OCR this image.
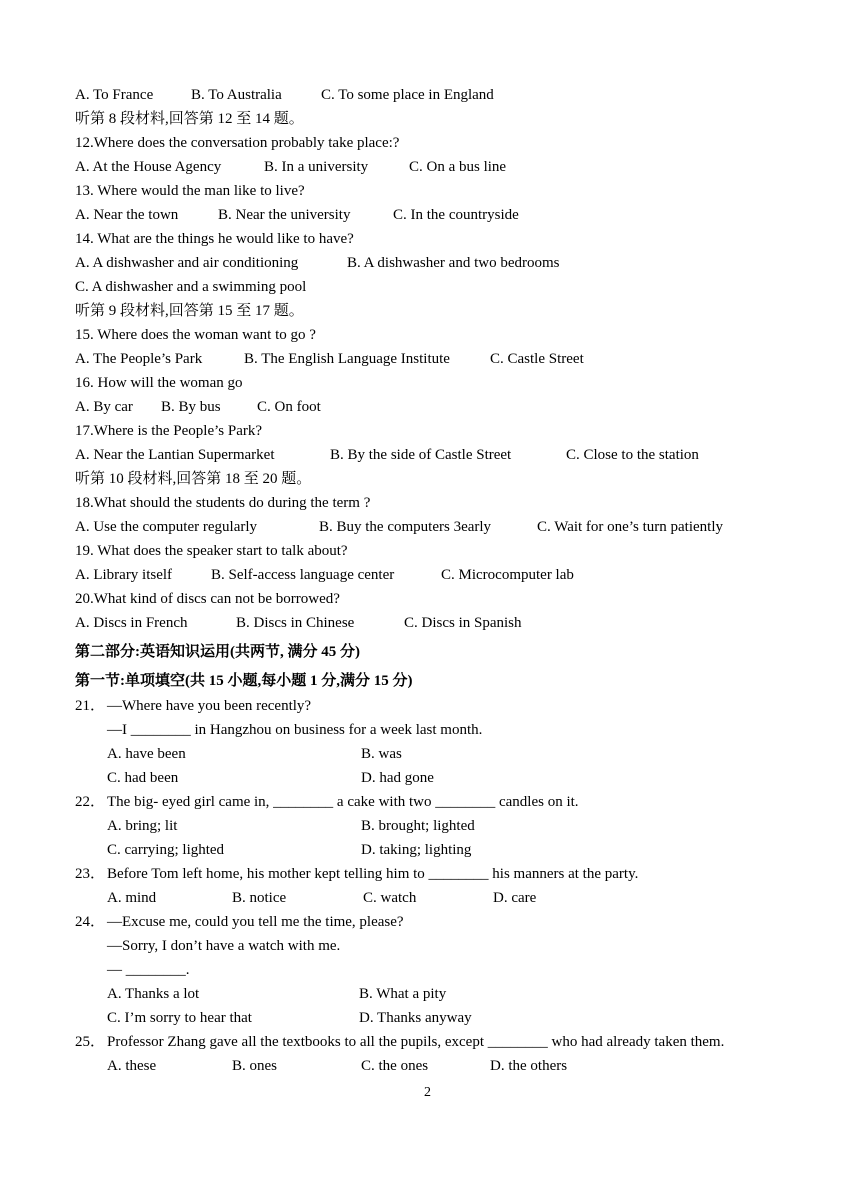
A. To France	B. To Australia	C. To some place in England
听第 8 段材料,回答第 12 至 14 题。
12.Where does the conversation probably take place:?
A. At the House Agency	B. In a university	C. On a bus line
13. Where would the man like to live?
A. Near the town	B. Near the university	C. In the countryside
14. What are the things he would like to have?
A. A dishwasher and air conditioning	B. A dishwasher and two bedrooms
C. A dishwasher and a swimming pool
听第 9 段材料,回答第 15 至 17 题。
15. Where does the woman want to go ?
A. The People’s Park	B. The English Language Institute	C. Castle Street
16. How will the woman go
A. By car B. By bus C. On foot
17.Where is the People’s Park?
A. Near the Lantian Supermarket	B. By the side of Castle Street	C. Close to the station
听第 10 段材料,回答第 18 至 20 题。
18.What should the students do during the term ?
A. Use the computer regularly	B. Buy the computers 3early	C. Wait for one’s turn patiently
19. What does the speaker start to talk about?
A. Library itself	B. Self-access language center	C. Microcomputer lab
20.What kind of discs can not be borrowed?
A. Discs in French	B. Discs in Chinese	C. Discs in Spanish
第二部分:英语知识运用(共两节, 满分 45 分)
第一节:单项填空(共 15 小题,每小题 1 分,满分 15 分)
21． —Where have you been recently?
—I ________ in Hangzhou on business for a week last month.
A. have been	B. was
C. had been	D. had gone
22． The big- eyed girl came in, ________ a cake with two ________ candles on it.
A. bring; lit	B. brought; lighted
C. carrying; lighted	D. taking; lighting
23． Before Tom left home, his mother kept telling him to ________ his manners at the party.
A. mind	B. notice	C. watch	D. care
24． —Excuse me, could you tell me the time, please?
—Sorry, I don’t have a watch with me.
— ________.
A. Thanks a lot	B. What a pity
C. I’m sorry to hear that	D. Thanks anyway
25． Professor Zhang gave all the textbooks to all the pupils, except ________ who had already taken them.
A. these	B. ones	C. the ones	D. the others
2
